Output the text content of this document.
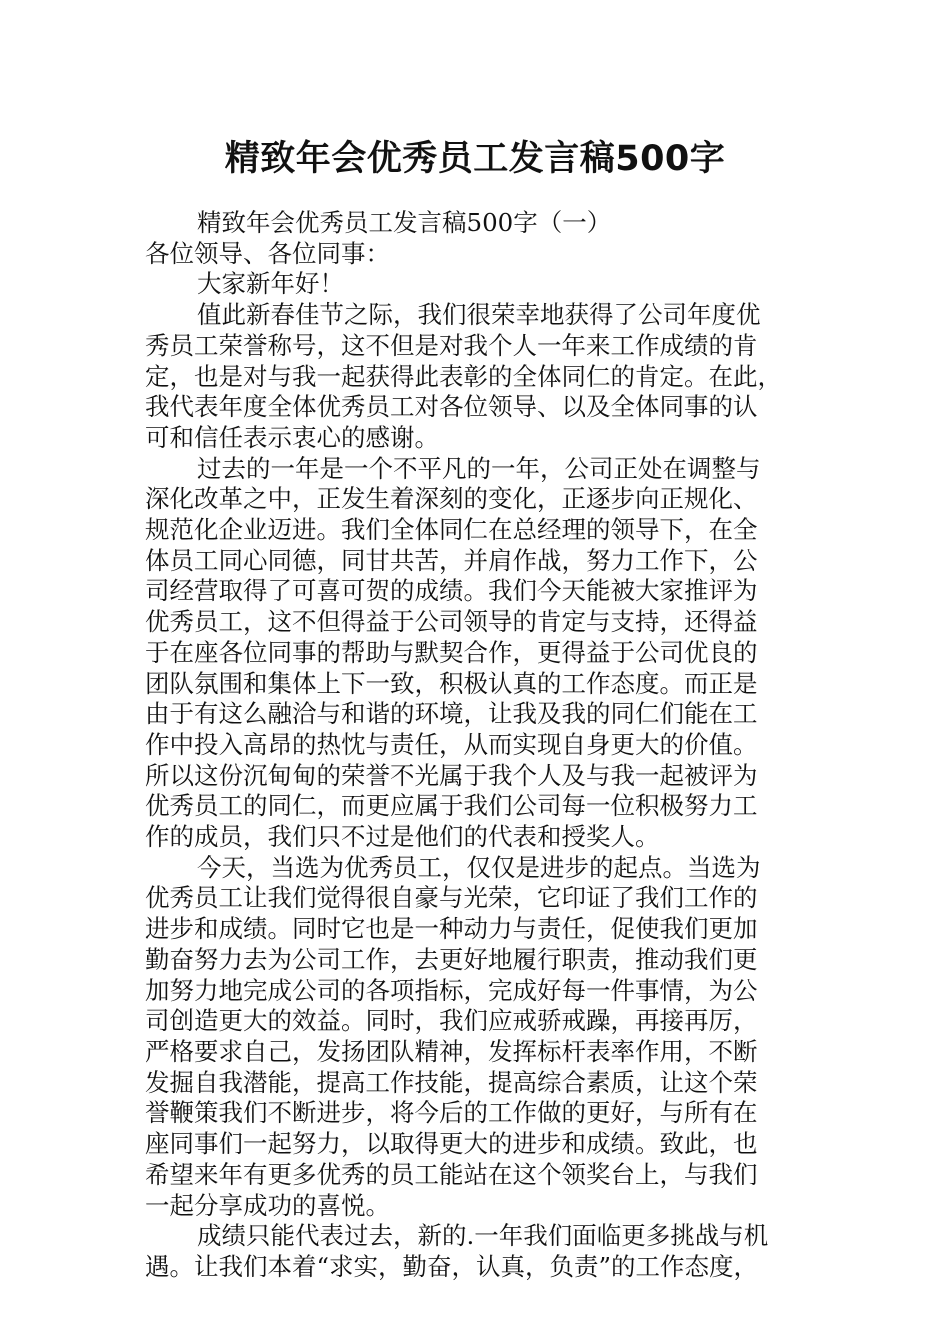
精致年会优秀员工发言稿500字

精致年会优秀员工发言稿500字（一）

各位领导、各位同事：

大家新年好！

值此新春佳节之际，我们很荣幸地获得了公司年度优

秀员工荣誉称号，这不但是对我个人一年来工作成绩的肯

定，也是对与我一起获得此表彰的全体同仁的肯定。在此，

我代表年度全体优秀员工对各位领导、以及全体同事的认

可和信任表示衷心的感谢。

过去的一年是一个不平凡的一年，公司正处在调整与

深化改革之中，正发生着深刻的变化，正逐步向正规化、

规范化企业迈进。我们全体同仁在总经理的领导下，在全

体员工同心同德，同甘共苦，并肩作战，努力工作下，公

司经营取得了可喜可贺的成绩。我们今天能被大家推评为

优秀员工，这不但得益于公司领导的肯定与支持，还得益

于在座各位同事的帮助与默契合作，更得益于公司优良的

团队氛围和集体上下一致，积极认真的工作态度。而正是

由于有这么融洽与和谐的环境，让我及我的同仁们能在工

作中投入高昂的热忱与责任，从而实现自身更大的价值。

所以这份沉甸甸的荣誉不光属于我个人及与我一起被评为

优秀员工的同仁，而更应属于我们公司每一位积极努力工

作的成员，我们只不过是他们的代表和授奖人。

今天，当选为优秀员工，仅仅是进步的起点。当选为

优秀员工让我们觉得很自豪与光荣，它印证了我们工作的

进步和成绩。同时它也是一种动力与责任，促使我们更加

勤奋努力去为公司工作，去更好地履行职责，推动我们更

加努力地完成公司的各项指标，完成好每一件事情，为公

司创造更大的效益。同时，我们应戒骄戒躁，再接再厉，

严格要求自己，发扬团队精神，发挥标杆表率作用，不断

发掘自我潜能，提高工作技能，提高综合素质，让这个荣

誉鞭策我们不断进步，将今后的工作做的更好，与所有在

座同事们一起努力，以取得更大的进步和成绩。致此，也

希望来年有更多优秀的员工能站在这个领奖台上，与我们

一起分享成功的喜悦。

成绩只能代表过去，新的.一年我们面临更多挑战与机

遇。让我们本着“求实，勤奋，认真，负责”的工作态度，
